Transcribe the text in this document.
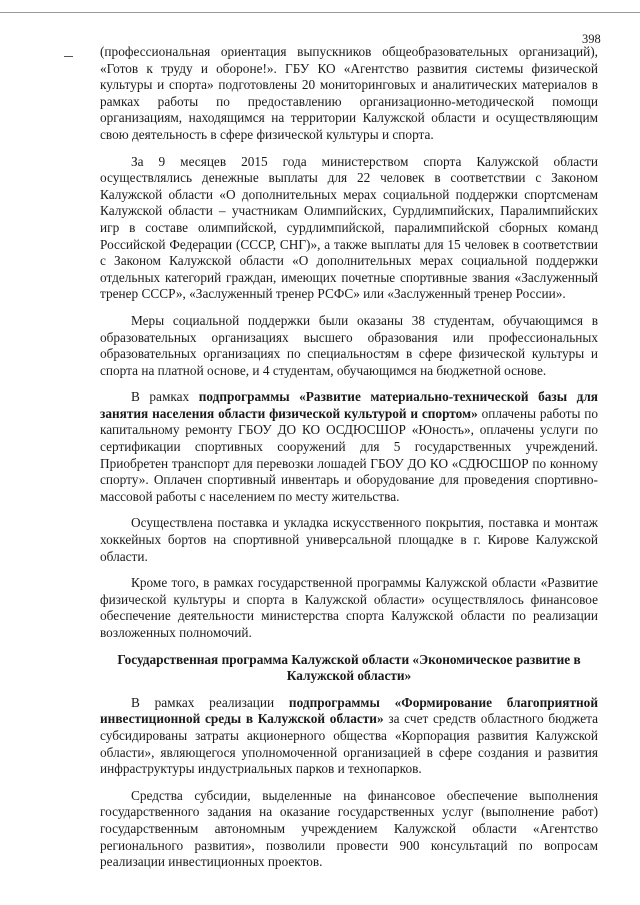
398

(профессиональная ориентация выпускников общеобразовательных организаций), «Готов к труду и обороне!». ГБУ КО «Агентство развития системы физической культуры и спорта» подготовлены 20 мониторинговых и аналитических материалов в рамках работы по предоставлению организационно-методической помощи организациям, находящимся на территории Калужской области и осуществляющим свою деятельность в сфере физической культуры и спорта.

За 9 месяцев 2015 года министерством спорта Калужской области осуществлялись денежные выплаты для 22 человек в соответствии с Законом Калужской области «О дополнительных мерах социальной поддержки спортсменам Калужской области – участникам Олимпийских, Сурдлимпийских, Паралимпийских игр в составе олимпийской, сурдлимпийской, паралимпийской сборных команд Российской Федерации (СССР, СНГ)», а также выплаты для 15 человек в соответствии с Законом Калужской области «О дополнительных мерах социальной поддержки отдельных категорий граждан, имеющих почетные спортивные звания «Заслуженный тренер СССР», «Заслуженный тренер РСФС» или «Заслуженный тренер России».

Меры социальной поддержки были оказаны 38 студентам, обучающимся в образовательных организациях высшего образования или профессиональных образовательных организациях по специальностям в сфере физической культуры и спорта на платной основе, и 4 студентам, обучающимся на бюджетной основе.

В рамках подпрограммы «Развитие материально-технической базы для занятия населения области физической культурой и спортом» оплачены работы по капитальному ремонту ГБОУ ДО КО ОСДЮСШОР «Юность», оплачены услуги по сертификации спортивных сооружений для 5 государственных учреждений. Приобретен транспорт для перевозки лошадей ГБОУ ДО КО «СДЮСШОР по конному спорту». Оплачен спортивный инвентарь и оборудование для проведения спортивно-массовой работы с населением по месту жительства.

Осуществлена поставка и укладка искусственного покрытия, поставка и монтаж хоккейных бортов на спортивной универсальной площадке в г. Кирове Калужской области.

Кроме того, в рамках государственной программы Калужской области «Развитие физической культуры и спорта в Калужской области» осуществлялось финансовое обеспечение деятельности министерства спорта Калужской области по реализации возложенных полномочий.

Государственная программа Калужской области «Экономическое развитие в Калужской области»

В рамках реализации подпрограммы «Формирование благоприятной инвестиционной среды в Калужской области» за счет средств областного бюджета субсидированы затраты акционерного общества «Корпорация развития Калужской области», являющегося уполномоченной организацией в сфере создания и развития инфраструктуры индустриальных парков и технопарков.

Средства субсидии, выделенные на финансовое обеспечение выполнения государственного задания на оказание государственных услуг (выполнение работ) государственным автономным учреждением Калужской области «Агентство регионального развития», позволили провести 900 консультаций по вопросам реализации инвестиционных проектов.
